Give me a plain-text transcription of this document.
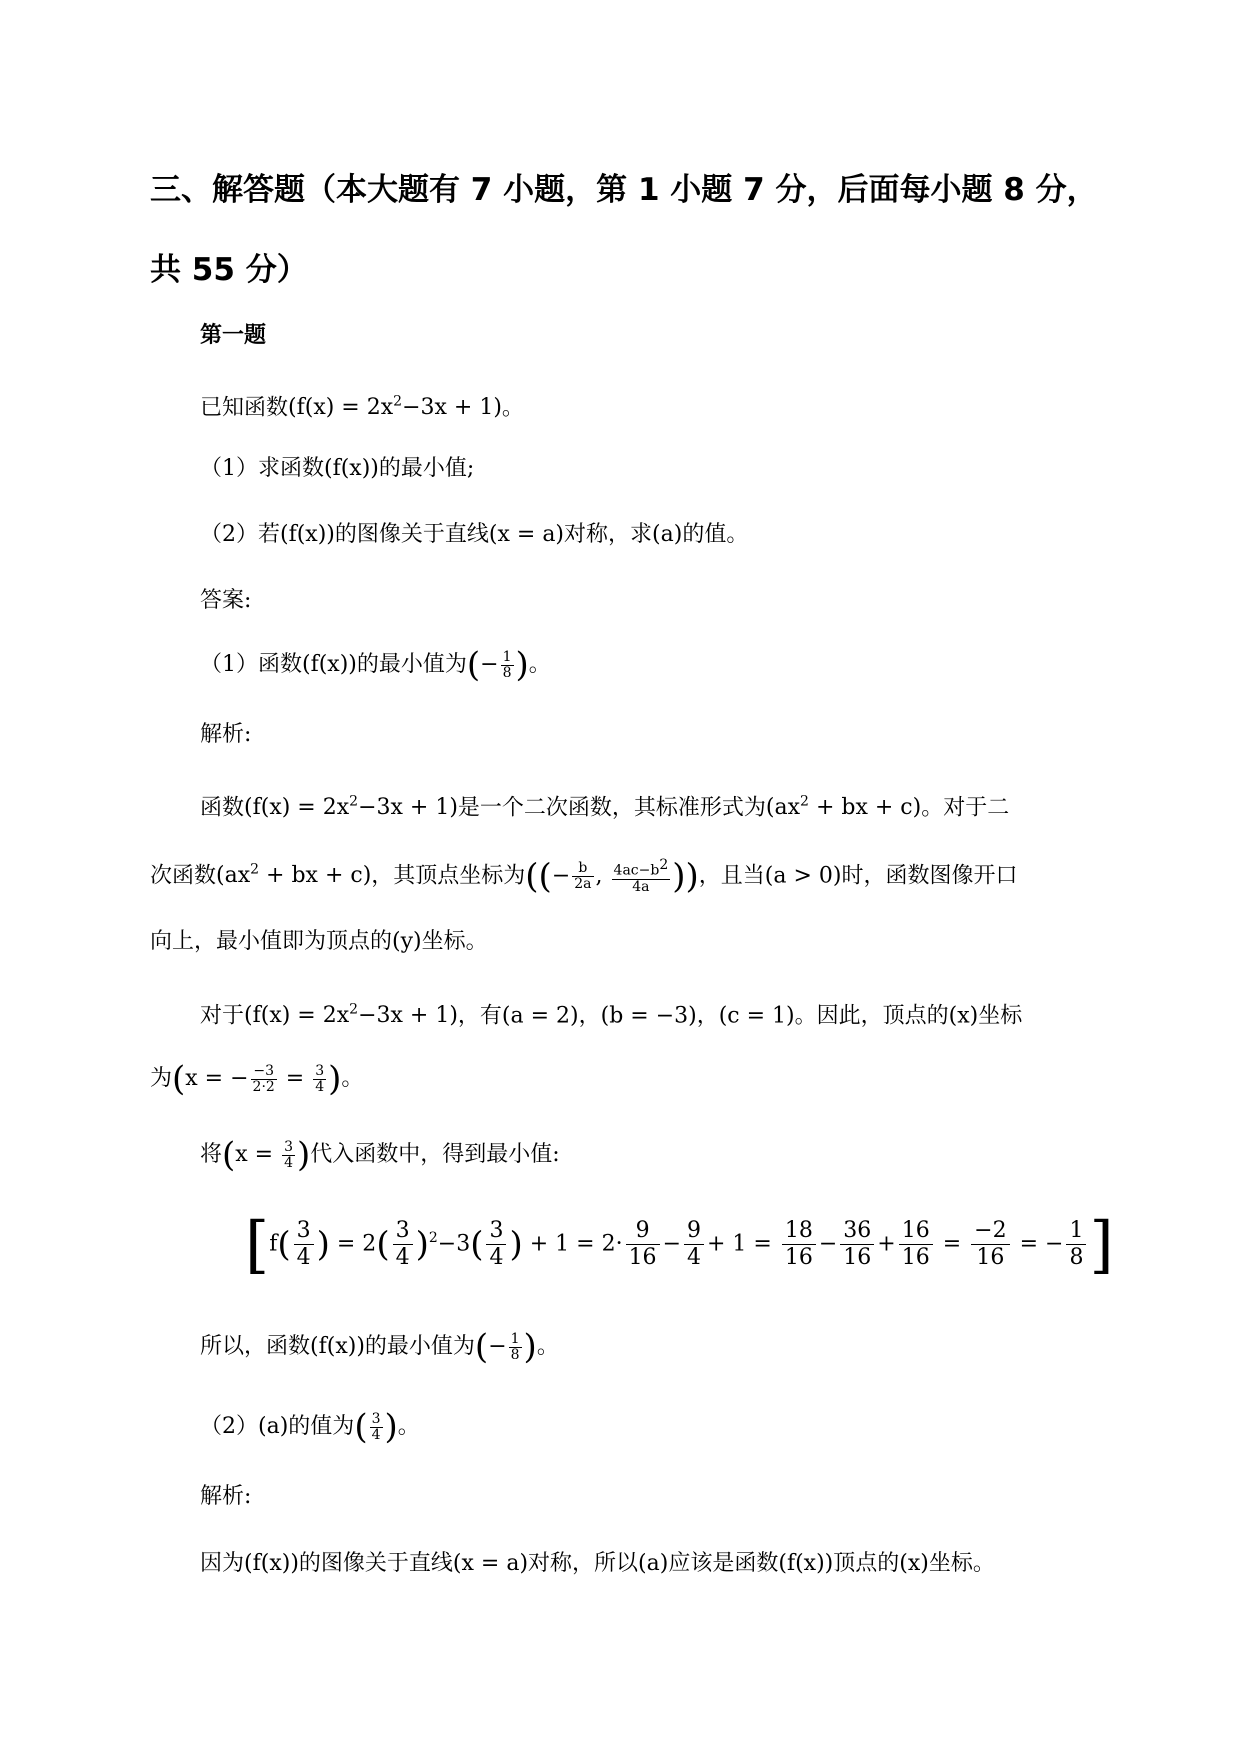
三、解答题（本大题有 7 小题，第 1 小题 7 分，后面每小题 8 分，共 55 分）
第一题
已知函数$(f(x) = 2x^2-3x + 1)$。
（1）求函数(f(x))的最小值;
（2）若(f(x))的图像关于直线(x = a)对称，求(a)的值。
答案:
（1）函数(f(x))的最小值为(− $\frac{1}{8}$ )。
解析:
函数$(f(x) = 2x^2-3x + 1)$是一个二次函数，其标准形式为($ax^2$ + bx + c)。对于二
次函数($ax^2$ + bx + c)，其顶点坐标为((− $\frac{b}{2a}$ , $\frac{4ac-b^2}{4a}$ ))，且当(a > 0)时，函数图像开口
向上，最小值即为顶点的(y)坐标。
对于$(f(x) = 2x^2-3x + 1)$，有(a = 2)，(b = −3)，(c = 1)。因此，顶点的(x)坐标
为(x = − $\frac{-3}{2\cdot 2} = \frac{3}{4}$ )。
将($x = \frac{3}{4}$ )代入函数中，得到最小值:
[$f( \frac{3}{4}$ ) = $2( \frac{3}{4} )^2-3( \frac{3}{4}$ ) + $1 = 2\cdot \frac{9}{16} - \frac{9}{4} + 1 = \frac{18}{16} - \frac{36}{16} + \frac{16}{16} = \frac{-2}{16}$ = − $\frac{1}{8}$ ]
所以，函数(f(x))的最小值为(− $\frac{1}{8}$ )。
（2）(a)的值为( $\frac{3}{4}$ )。
解析:
因为(f(x))的图像关于直线(x = a)对称，所以(a)应该是函数(f(x))顶点的(x)坐标。
